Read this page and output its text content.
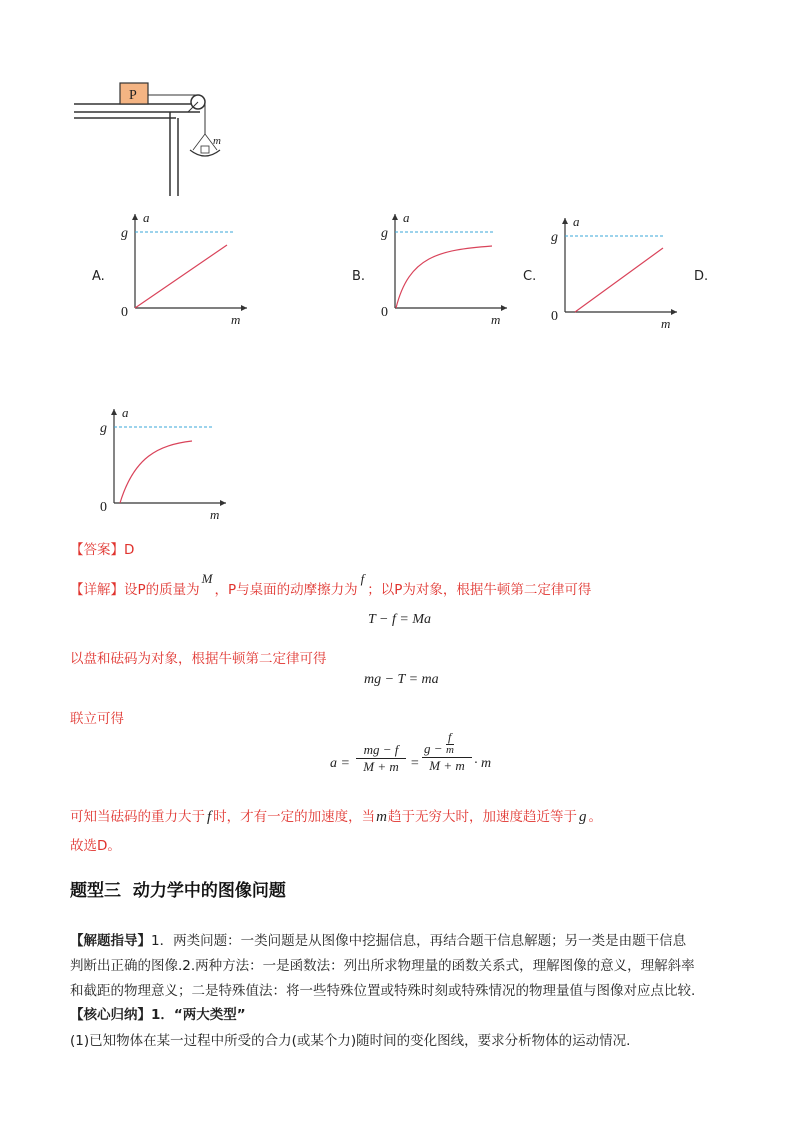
P
m
A.
a
g
0	m
B.
a
g
0	m
C.
a
g
0	m
D.
a
g
0	m
【答案】D
【详解】设P的质量为M，P与桌面的动摩擦力为f；以P为对象，根据牛顿第二定律可得
T − f = Ma
以盘和砝码为对象，根据牛顿第二定律可得
mg − T = ma
联立可得
a =
mg − f
M + m =
g −
f
m
M + m · m
可知当砝码的重力大于 f 时，才有一定的加速度，当m趋于无穷大时，加速度趋近等于 g 。
故选D。
题型三  动力学中的图像问题
【解题指导】1．两类问题：一类问题是从图像中挖掘信息，再结合题干信息解题；另一类是由题干信息
判断出正确的图像.2.两种方法：一是函数法：列出所求物理量的函数关系式，理解图像的意义，理解斜率
和截距的物理意义；二是特殊值法：将一些特殊位置或特殊时刻或特殊情况的物理量值与图像对应点比较.
【核心归纳】1．“两大类型”
(1)已知物体在某一过程中所受的合力(或某个力)随时间的变化图线，要求分析物体的运动情况.
